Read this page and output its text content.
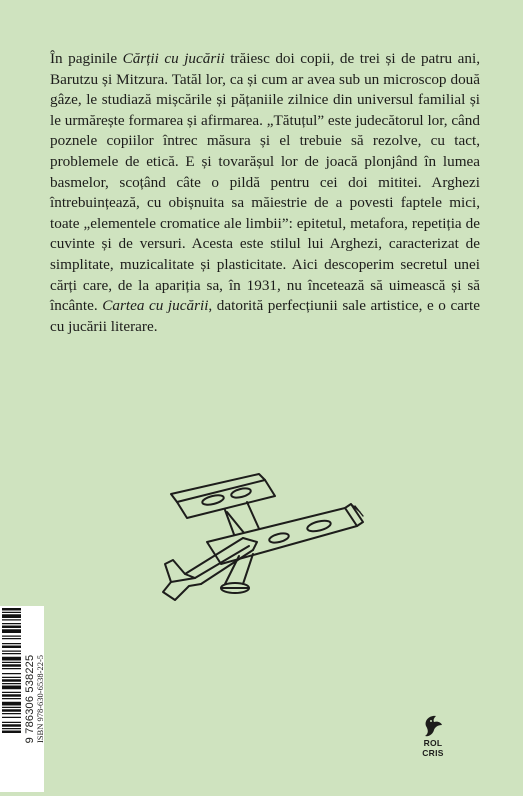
În paginile Cărții cu jucării trăiesc doi copii, de trei și de patru ani, Barutzu și Mitzura. Tatăl lor, ca și cum ar avea sub un microscop două gâze, le studiază mișcările și pățaniile zilnice din universul familial și le urmărește formarea și afirmarea. „Tătuțul” este judecătorul lor, când poznele copiilor întrec măsura și el trebuie să rezolve, cu tact, problemele de etică. E și tovarășul lor de joacă plonjând în lumea basmelor, scoțând câte o pildă pentru cei doi mititei. Arghezi întrebuințează, cu obișnuita sa măiestrie de a povesti faptele mici, toate „elementele cromatice ale limbii”: epitetul, metafora, repetiția de cuvinte și de versuri. Acesta este stilul lui Arghezi, caracterizat de simplitate, muzicalitate și plasticitate. Aici descoperim secretul unei cărți care, de la apariția sa, în 1931, nu încetează să uimească și să încânte. Cartea cu jucării, datorită perfecțiunii sale artistice, e o carte cu jucării literare.

9 786306 538225 ISBN 978-630-6538-22-5	ROL
CRIS
